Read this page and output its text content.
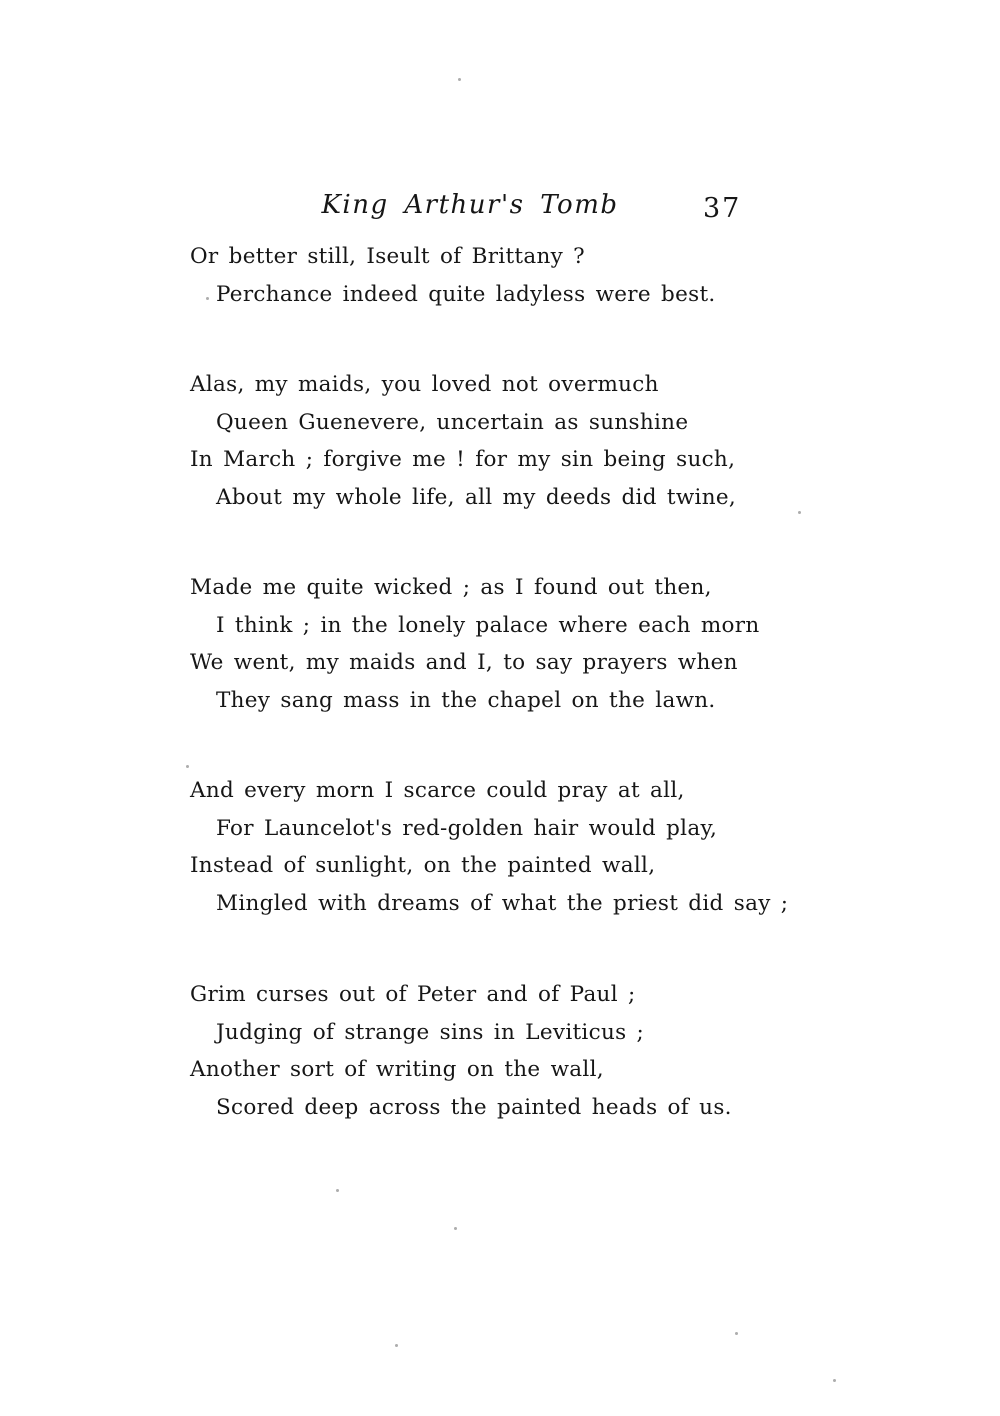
King Arthur's Tomb	37
Or better still, Iseult of Brittany ?
Perchance indeed quite ladyless were best.
Alas, my maids, you loved not overmuch
Queen Guenevere, uncertain as sunshine
In March ; forgive me ! for my sin being such,
About my whole life, all my deeds did twine,
Made me quite wicked ; as I found out then,
I think ; in the lonely palace where each morn
We went, my maids and I, to say prayers when
They sang mass in the chapel on the lawn.
And every morn I scarce could pray at all,
For Launcelot's red-golden hair would play,
Instead of sunlight, on the painted wall,
Mingled with dreams of what the priest did say ;
Grim curses out of Peter and of Paul ;
Judging of strange sins in Leviticus ;
Another sort of writing on the wall,
Scored deep across the painted heads of us.
